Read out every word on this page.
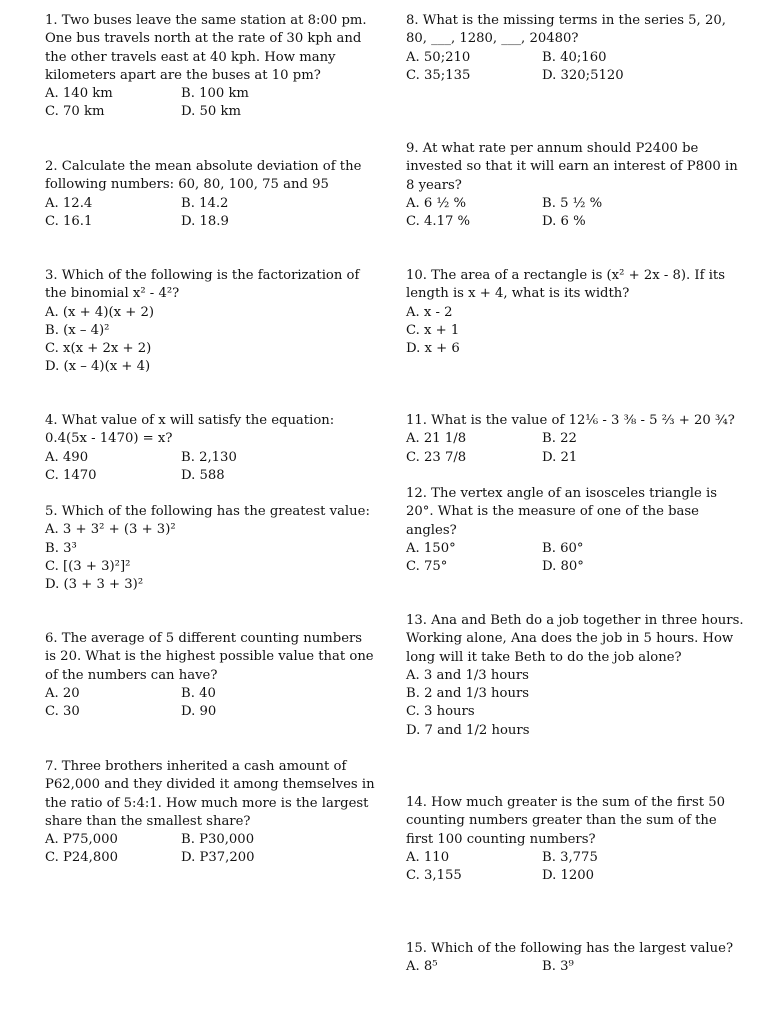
1. Two buses leave the same station at 8:00 pm. One bus travels north at the rate of 30 kph and the other travels east at 40 kph. How many kilometers apart are the buses at 10 pm?
A. 140 km	B. 100 km
C. 70 km	D. 50 km
2. Calculate the mean absolute deviation of the following numbers: 60, 80, 100, 75 and 95
A. 12.4	B. 14.2
C. 16.1	D. 18.9
3. Which of the following is the factorization of the binomial x² - 4²?
A. (x + 4)(x + 2)
B. (x – 4)²
C. x(x + 2x + 2)
D. (x – 4)(x + 4)
4. What value of x will satisfy the equation: 0.4(5x - 1470) = x?
A. 490	B. 2,130
C. 1470	D. 588
5. Which of the following has the greatest value:
A. 3 + 3² + (3 + 3)²
B. 3³
C. [(3 + 3)²]²
D. (3 + 3 + 3)²
6. The average of 5 different counting numbers is 20. What is the highest possible value that one of the numbers can have?
A. 20	B. 40
C. 30	D. 90
7. Three brothers inherited a cash amount of P62,000 and they divided it among themselves in the ratio of 5:4:1. How much more is the largest share than the smallest share?
A. P75,000	B. P30,000
C. P24,800	D. P37,200
8. What is the missing terms in the series 5, 20, 80, ___, 1280, ___, 20480?
A. 50;210	B. 40;160
C. 35;135	D. 320;5120
9. At what rate per annum should P2400 be invested so that it will earn an interest of P800 in 8 years?
A. 6 ½ %	B. 5 ½ %
C. 4.17 %	D. 6 %
10. The area of a rectangle is (x² + 2x - 8). If its length is x + 4, what is its width?
A. x - 2
C. x + 1
D. x + 6
11. What is the value of 12⅙ - 3 ⅜ - 5 ⅔ + 20 ¾?
A. 21 1/8	B. 22
C. 23 7/8	D. 21
12. The vertex angle of an isosceles triangle is 20°. What is the measure of one of the base angles?
A. 150°	B. 60°
C. 75°	D. 80°
13. Ana and Beth do a job together in three hours. Working alone, Ana does the job in 5 hours. How long will it take Beth to do the job alone?
A. 3 and 1/3 hours
B. 2 and 1/3 hours
C. 3 hours
D. 7 and 1/2 hours
14. How much greater is the sum of the first 50 counting numbers greater than the sum of the first 100 counting numbers?
A. 110	B. 3,775
C. 3,155	D. 1200
15. Which of the following has the largest value?
A. 8⁵	B. 3⁹
